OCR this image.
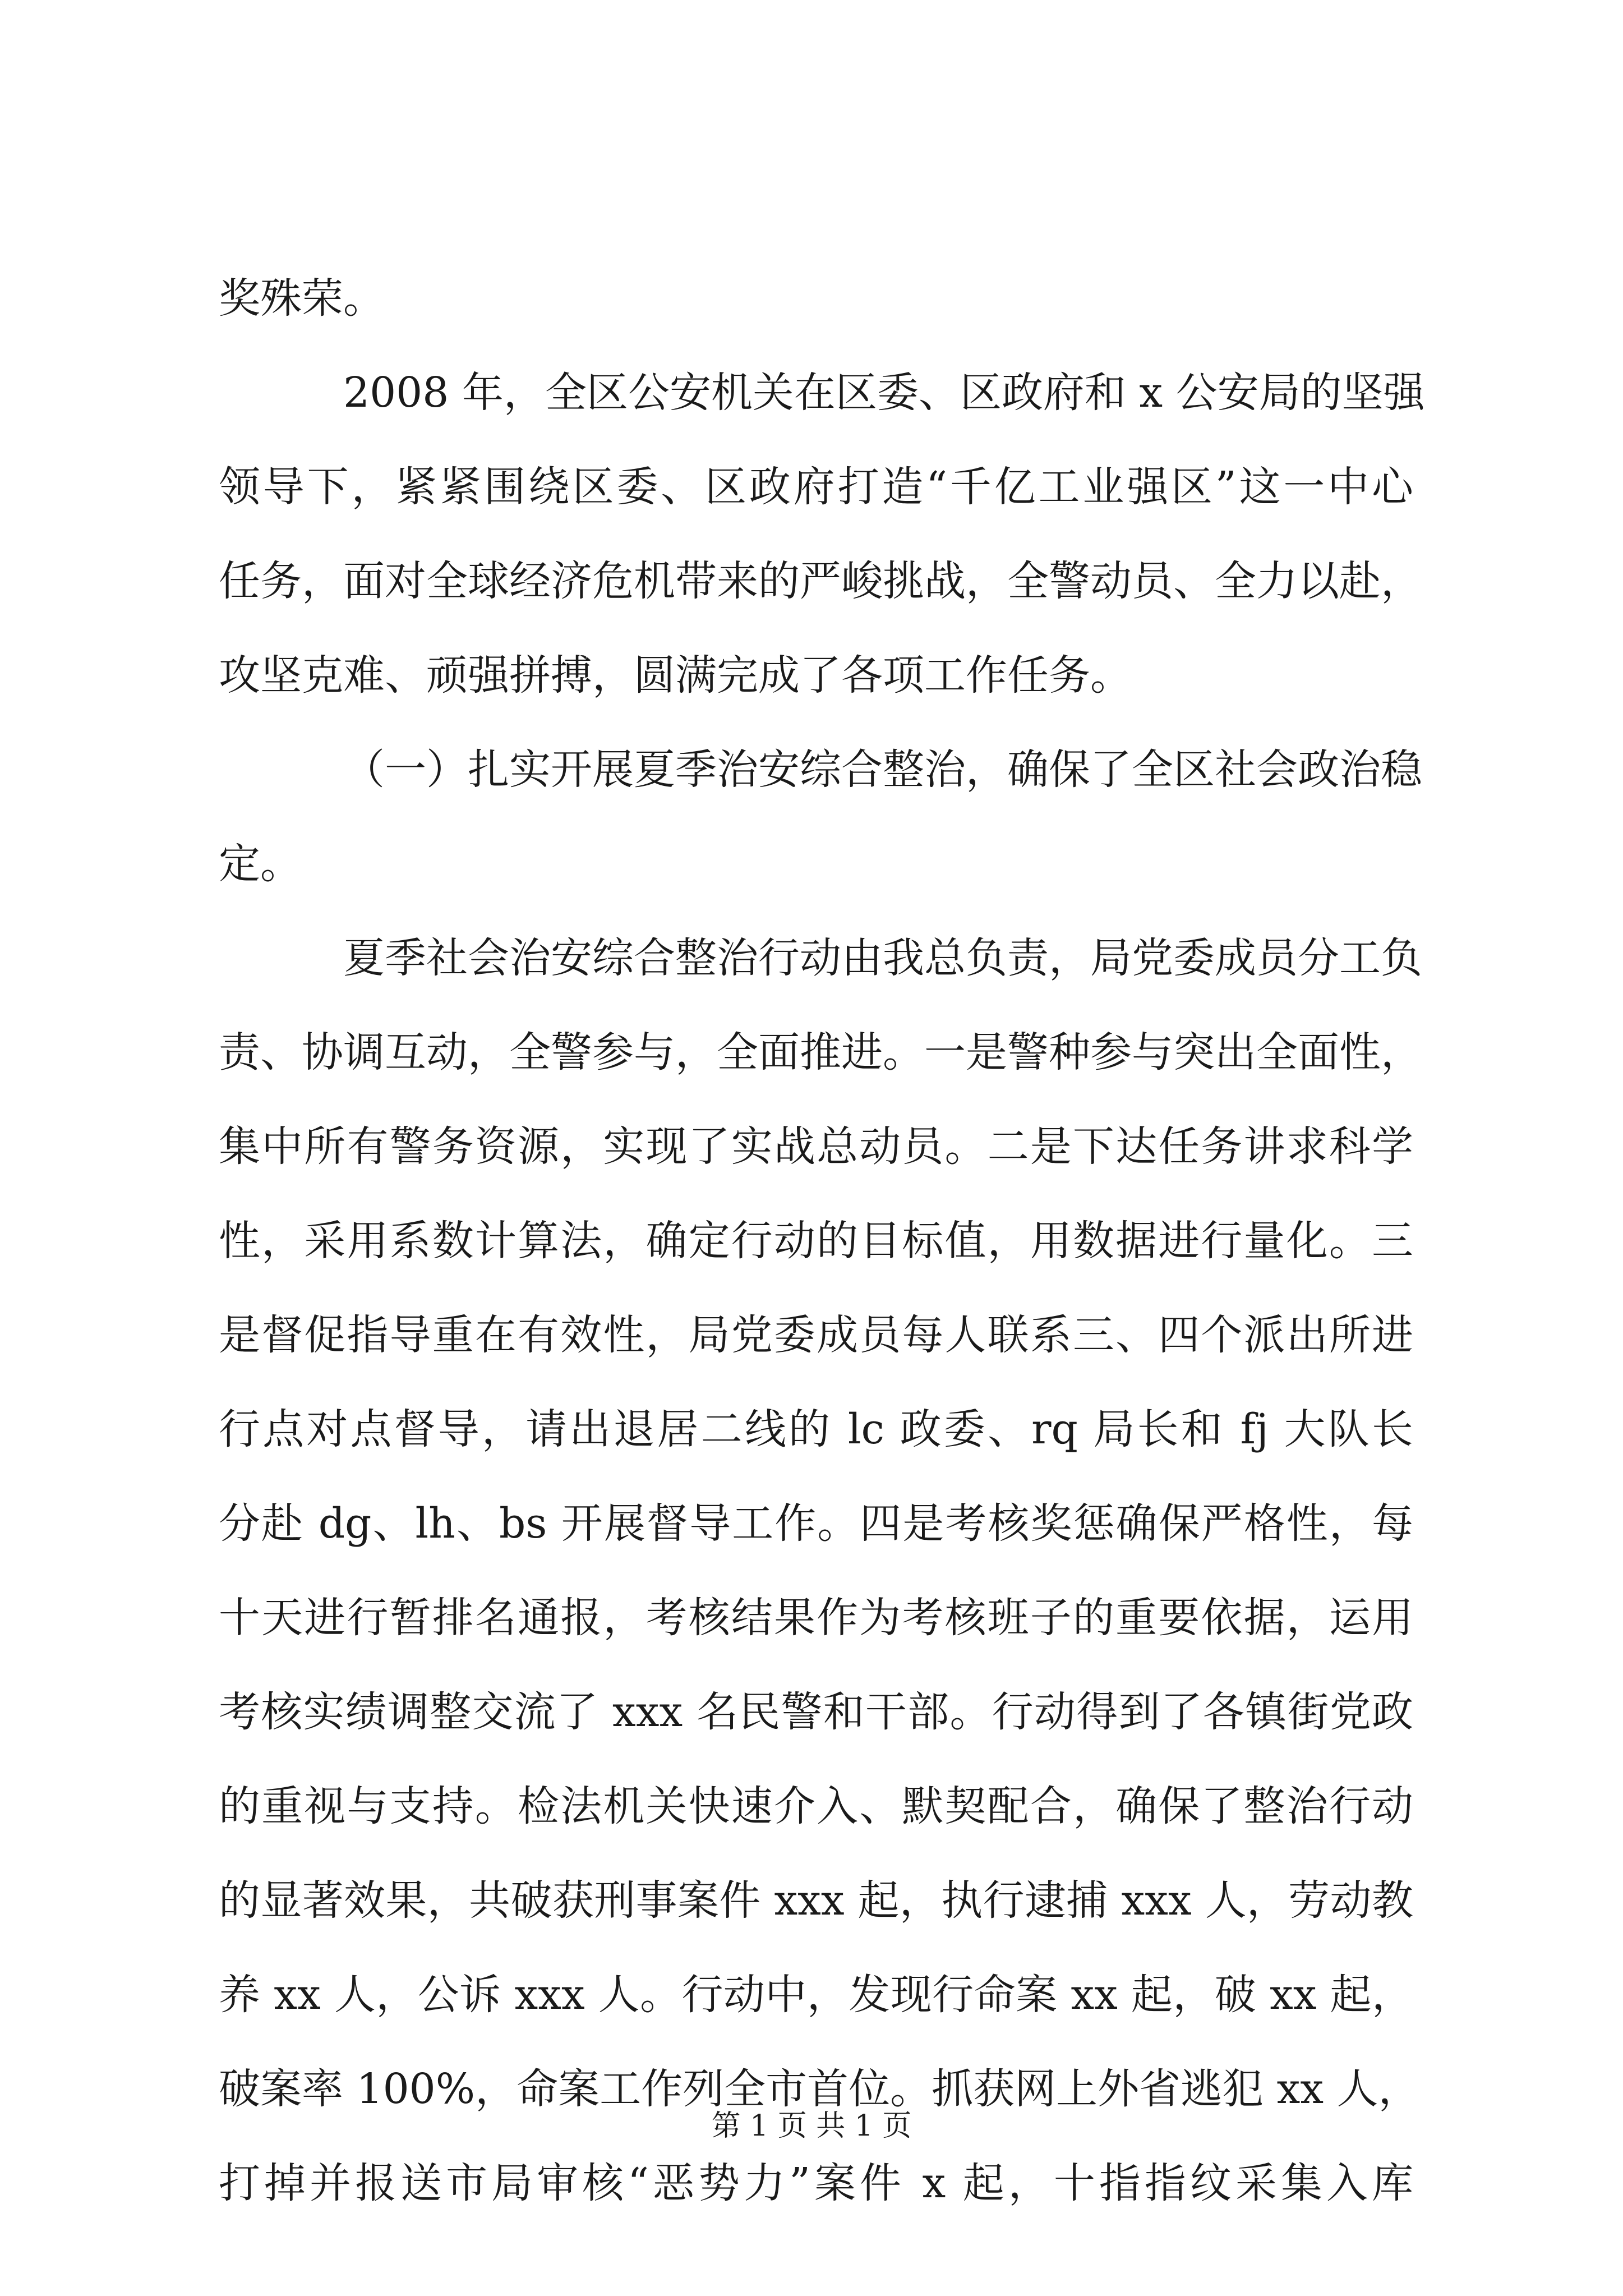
奖殊荣。
2008 年，全区公安机关在区委、区政府和 x 公安局的坚强
领导下，紧紧围绕区委、区政府打造“千亿工业强区”这一中心
任务，面对全球经济危机带来的严峻挑战，全警动员、全力以赴，
攻坚克难、顽强拼搏，圆满完成了各项工作任务。
（一）扎实开展夏季治安综合整治，确保了全区社会政治稳
定。
夏季社会治安综合整治行动由我总负责，局党委成员分工负
责、协调互动，全警参与，全面推进。一是警种参与突出全面性，
集中所有警务资源，实现了实战总动员。二是下达任务讲求科学
性，采用系数计算法，确定行动的目标值，用数据进行量化。三
是督促指导重在有效性，局党委成员每人联系三、四个派出所进
行点对点督导，请出退居二线的 lc 政委、rq 局长和 fj 大队长
分赴 dg、lh、bs 开展督导工作。四是考核奖惩确保严格性，每
十天进行暂排名通报，考核结果作为考核班子的重要依据，运用
考核实绩调整交流了 xxx 名民警和干部。行动得到了各镇街党政
的重视与支持。检法机关快速介入、默契配合，确保了整治行动
的显著效果，共破获刑事案件 xxx 起，执行逮捕 xxx 人，劳动教
养 xx 人，公诉 xxx 人。行动中，发现行命案 xx 起，破 xx 起，
破案率 100%，命案工作列全市首位。抓获网上外省逃犯 xx 人，
打掉并报送市局审核“恶势力”案件 x 起，十指指纹采集入库
第 1 页 共 1 页
